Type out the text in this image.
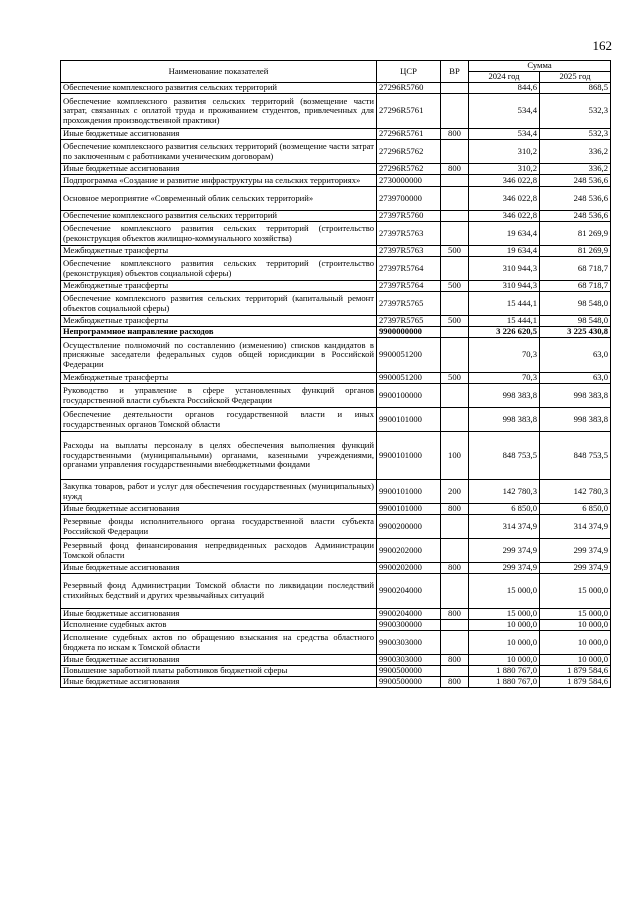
162
Наименование показателей	ЦСР	ВР	Сумма	
			2024 год	2025 год
Обеспечение комплексного развития сельских территорий	27296R5760		844,6	868,5
Обеспечение комплексного развития сельских территорий (возмещение части затрат, связанных с оплатой труда и проживанием студентов, привлеченных для прохождения производственной практики)	27296R5761		534,4	532,3
Иные бюджетные ассигнования	27296R5761	800	534,4	532,3
Обеспечение комплексного развития сельских территорий (возмещение части затрат по заключенным с работниками ученическим договорам)	27296R5762		310,2	336,2
Иные бюджетные ассигнования	27296R5762	800	310,2	336,2
Подпрограмма «Создание и развитие инфраструктуры на сельских территориях»	2730000000		346 022,8	248 536,6
Основное мероприятие «Современный облик сельских территорий»	2739700000		346 022,8	248 536,6
Обеспечение комплексного развития сельских территорий	27397R5760		346 022,8	248 536,6
Обеспечение комплексного развития сельских территорий (строительство (реконструкция объектов жилищно-коммунального хозяйства)	27397R5763		19 634,4	81 269,9
Межбюджетные трансферты	27397R5763	500	19 634,4	81 269,9
Обеспечение комплексного развития сельских территорий (строительство (реконструкция) объектов социальной сферы)	27397R5764		310 944,3	68 718,7
Межбюджетные трансферты	27397R5764	500	310 944,3	68 718,7
Обеспечение комплексного развития сельских территорий (капитальный ремонт объектов социальной сферы)	27397R5765		15 444,1	98 548,0
Межбюджетные трансферты	27397R5765	500	15 444,1	98 548,0
Непрограммное направление расходов	9900000000		3 226 620,5	3 225 430,8
Осуществление полномочий по составлению (изменению) списков кандидатов в присяжные заседатели федеральных судов общей юрисдикции в Российской Федерации	9900051200		70,3	63,0
Межбюджетные трансферты	9900051200	500	70,3	63,0
Руководство и управление в сфере установленных функций органов государственной власти субъекта Российской Федерации	9900100000		998 383,8	998 383,8
Обеспечение деятельности органов государственной власти и иных государственных органов Томской области	9900101000		998 383,8	998 383,8
Расходы на выплаты персоналу в целях обеспечения выполнения функций государственными (муниципальными) органами, казенными учреждениями, органами управления государственными внебюджетными фондами	9900101000	100	848 753,5	848 753,5
Закупка товаров, работ и услуг для обеспечения государственных (муниципальных) нужд	9900101000	200	142 780,3	142 780,3
Иные бюджетные ассигнования	9900101000	800	6 850,0	6 850,0
Резервные фонды исполнительного органа государственной власти субъекта Российской Федерации	9900200000		314 374,9	314 374,9
Резервный фонд финансирования непредвиденных расходов Администрации Томской области	9900202000		299 374,9	299 374,9
Иные бюджетные ассигнования	9900202000	800	299 374,9	299 374,9
Резервный фонд Администрации Томской области по ликвидации последствий стихийных бедствий и других чрезвычайных ситуаций	9900204000		15 000,0	15 000,0
Иные бюджетные ассигнования	9900204000	800	15 000,0	15 000,0
Исполнение судебных актов	9900300000		10 000,0	10 000,0
Исполнение судебных актов по обращению взыскания на средства областного бюджета по искам к Томской области	9900303000		10 000,0	10 000,0
Иные бюджетные ассигнования	9900303000	800	10 000,0	10 000,0
Повышение заработной платы работников бюджетной сферы	9900500000		1 880 767,0	1 879 584,6
Иные бюджетные ассигнования	9900500000	800	1 880 767,0	1 879 584,6
